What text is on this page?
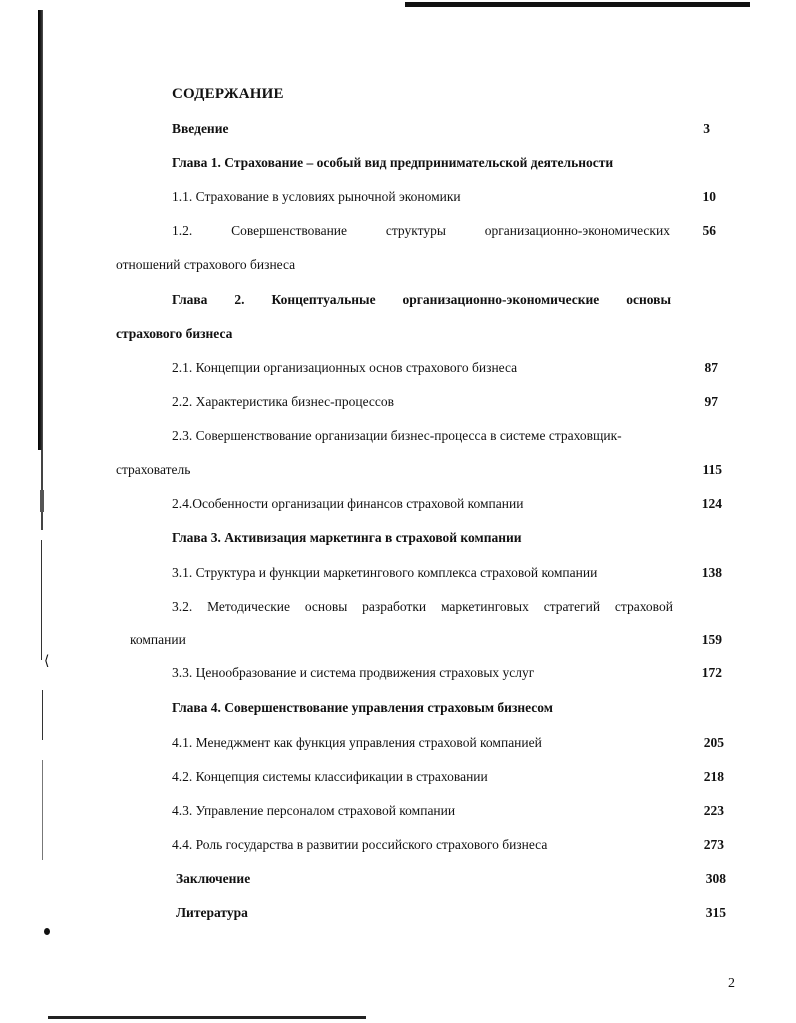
⟨
СОДЕРЖАНИЕ
Введение	3
Глава 1. Страхование – особый вид предпринимательской деятельности
1.1. Страхование в условиях рыночной экономики	10
1.2.	Совершенствование	структуры	организационно-экономических 56
отношений страхового бизнеса
Глава 2. Концептуальные организационно-экономические основы
страхового бизнеса
2.1. Концепции организационных основ страхового бизнеса	87
2.2. Характеристика бизнес-процессов	97
2.3. Совершенствование организации бизнес-процесса в системе страховщик-
страхователь	115
2.4.Особенности организации финансов страховой компании	124
Глава 3. Активизация маркетинга в страховой компании
3.1. Структура и функции маркетингового комплекса страховой компании	138
3.2. Методические основы разработки маркетинговых стратегий страховой
компании	159
3.3. Ценообразование и система продвижения страховых услуг	172
Глава 4. Совершенствование управления страховым бизнесом
4.1. Менеджмент как функция управления страховой компанией	205
4.2. Концепция системы классификации в страховании	218
4.3. Управление персоналом страховой компании	223
4.4. Роль государства в развитии российского страхового бизнеса	273
Заключение	308
Литература	315
2
